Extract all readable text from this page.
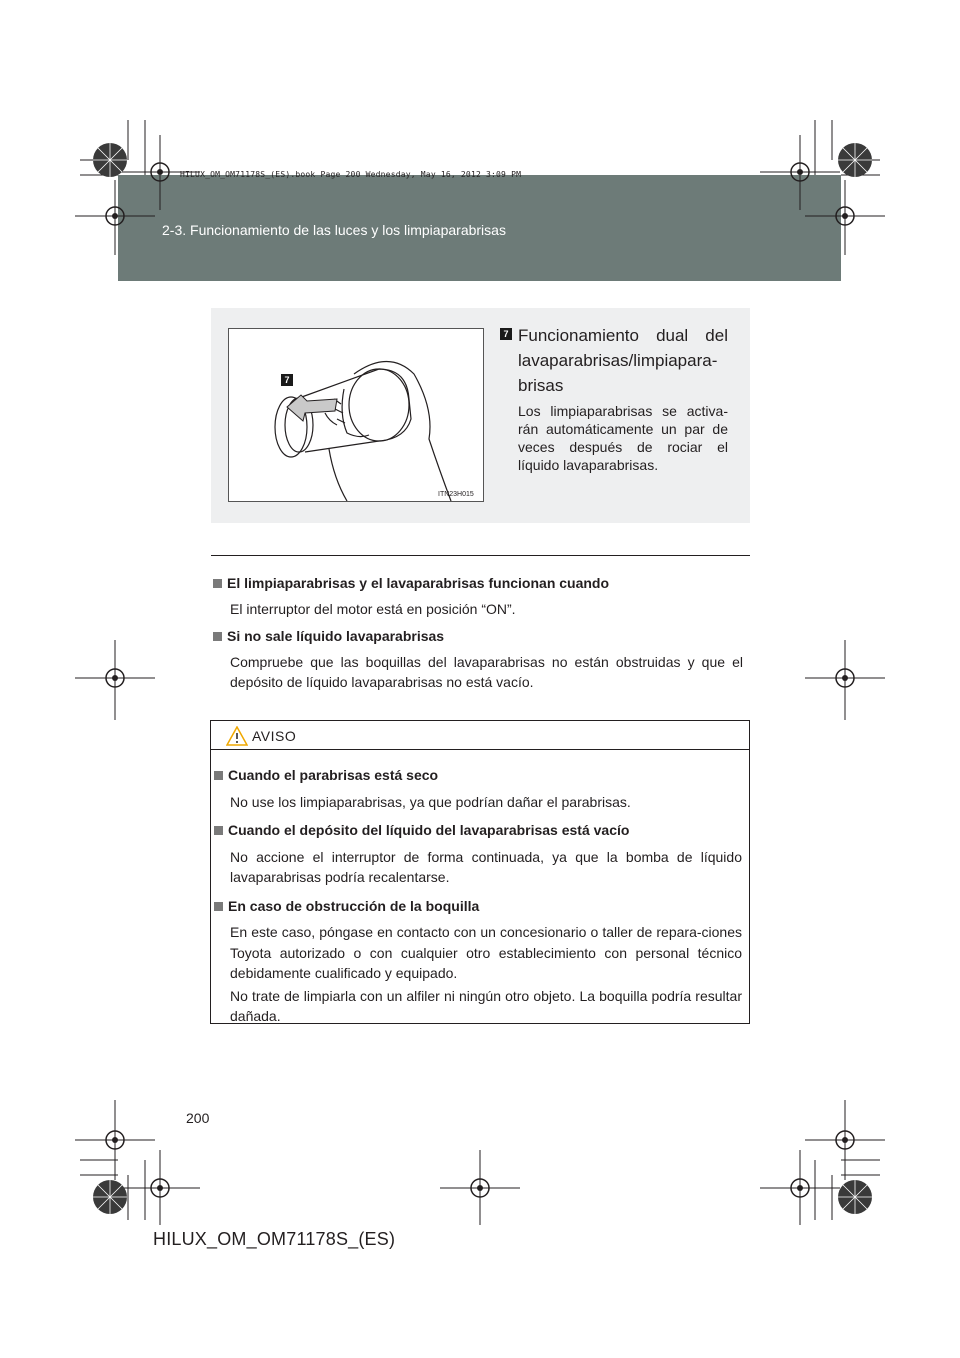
2-3. Funcionamiento de las luces y los limpiaparabrisas
HILUX_OM_OM71178S_(ES).book Page 200 Wednesday, May 16, 2012 3:09 PM
7
ITN23H015
7 Funcionamiento dual del
lavaparabrisas/limpiapara-
brisas
Los limpiaparabrisas se activa-rán automáticamente un par de veces después de rociar el líquido lavaparabrisas.
El limpiaparabrisas y el lavaparabrisas funcionan cuando
El interruptor del motor está en posición “ON”.
Si no sale líquido lavaparabrisas
Compruebe que las boquillas del lavaparabrisas no están obstruidas y que el depósito de líquido lavaparabrisas no está vacío.
AVISO
Cuando el parabrisas está seco
No use los limpiaparabrisas, ya que podrían dañar el parabrisas.
Cuando el depósito del líquido del lavaparabrisas está vacío
No accione el interruptor de forma continuada, ya que la bomba de líquido lavaparabrisas podría recalentarse.
En caso de obstrucción de la boquilla
En este caso, póngase en contacto con un concesionario o taller de repara-ciones Toyota autorizado o con cualquier otro establecimiento con personal técnico debidamente cualificado y equipado.
No trate de limpiarla con un alfiler ni ningún otro objeto. La boquilla podría resultar dañada.
200
HILUX_OM_OM71178S_(ES)
